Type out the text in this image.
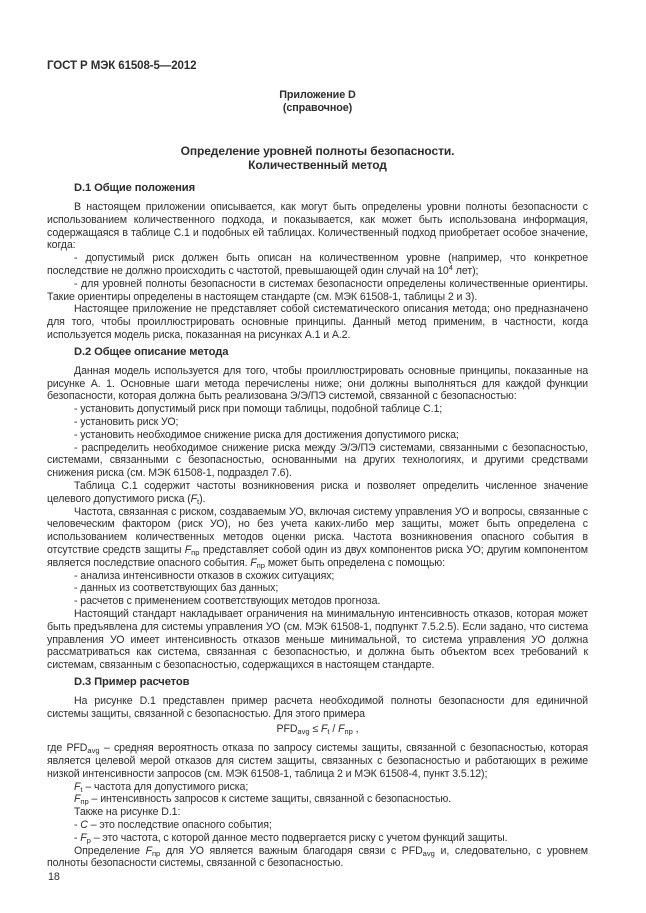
ГОСТ Р МЭК 61508-5—2012
Приложение D
(справочное)
Определение уровней полноты безопасности.
Количественный метод
D.1 Общие положения

В настоящем приложении описывается, как могут быть определены уровни полноты безопасности с использованием количественного подхода, и показывается, как может быть использована информация, содержащаяся в таблице С.1 и подобных ей таблицах. Количественный подход приобретает особое значение, когда:

- допустимый риск должен быть описан на количественном уровне (например, что конкретное последствие не должно происходить с частотой, превышающей один случай на $10^4$ лет);

- для уровней полноты безопасности в системах безопасности определены количественные ориентиры. Такие ориентиры определены в настоящем стандарте (см. МЭК 61508-1, таблицы 2 и 3).

Настоящее приложение не представляет собой систематического описания метода; оно предназначено для того, чтобы проиллюстрировать основные принципы. Данный метод применим, в частности, когда используется модель риска, показанная на рисунках А.1 и А.2.

D.2 Общее описание метода

Данная модель используется для того, чтобы проиллюстрировать основные принципы, показанные на рисунке А. 1. Основные шаги метода перечислены ниже; они должны выполняться для каждой функции безопасности, которая должна быть реализована Э/Э/ПЭ системой, связанной с безопасностью:

- установить допустимый риск при помощи таблицы, подобной таблице С.1;

- установить риск УО;

- установить необходимое снижение риска для достижения допустимого риска;

- распределить необходимое снижение риска между Э/Э/ПЭ системами, связанными с безопасностью, системами, связанными с безопасностью, основанными на других технологиях, и другими средствами снижения риска (см. МЭК 61508-1, подраздел 7.6).

Таблица С.1 содержит частоты возникновения риска и позволяет определить численное значение целевого допустимого риска $(F_t)$.

Частота, связанная с риском, создаваемым УО, включая систему управления УО и вопросы, связанные с человеческим фактором (риск УО), но без учета каких-либо мер защиты, может быть определена с использованием количественных методов оценки риска. Частота возникновения опасного события в отсутствие средств защиты $F_{пр}$ представляет собой один из двух компонентов риска УО; другим компонентом является последствие опасного события. $F_{пр}$ может быть определена с помощью:

- анализа интенсивности отказов в схожих ситуациях;

- данных из соответствующих баз данных;

- расчетов с применением соответствующих методов прогноза.

Настоящий стандарт накладывает ограничения на минимальную интенсивность отказов, которая может быть предъявлена для системы управления УО (см. МЭК 61508-1, подпункт 7.5.2.5). Если задано, что система управления УО имеет интенсивность отказов меньше минимальной, то система управления УО должна рассматриваться как система, связанная с безопасностью, и должна быть объектом всех требований к системам, связанным с безопасностью, содержащихся в настоящем стандарте.

D.3 Пример расчетов

На рисунке D.1 представлен пример расчета необходимой полноты безопасности для единичной системы защиты, связанной с безопасностью. Для этого примера

$PFD_{avg} \le F_t / F_{пр}$ ,

где $PFD_{avg}$ – средняя вероятность отказа по запросу системы защиты, связанной с безопасностью, которая является целевой мерой отказов для систем защиты, связанных с безопасностью и работающих в режиме низкой интенсивности запросов (см. МЭК 61508-1, таблица 2 и МЭК 61508-4, пункт 3.5.12);

$F_t$ – частота для допустимого риска;

$F_{пр}$ – интенсивность запросов к системе защиты, связанной с безопасностью.

Также на рисунке D.1:

- C – это последствие опасного события;

- $F_р$ – это частота, с которой данное место подвергается риску с учетом функций защиты.

Определение $F_{пр}$ для УО является важным благодаря связи с $PFD_{avg}$ и, следовательно, с уровнем полноты безопасности системы, связанной с безопасностью.

18
